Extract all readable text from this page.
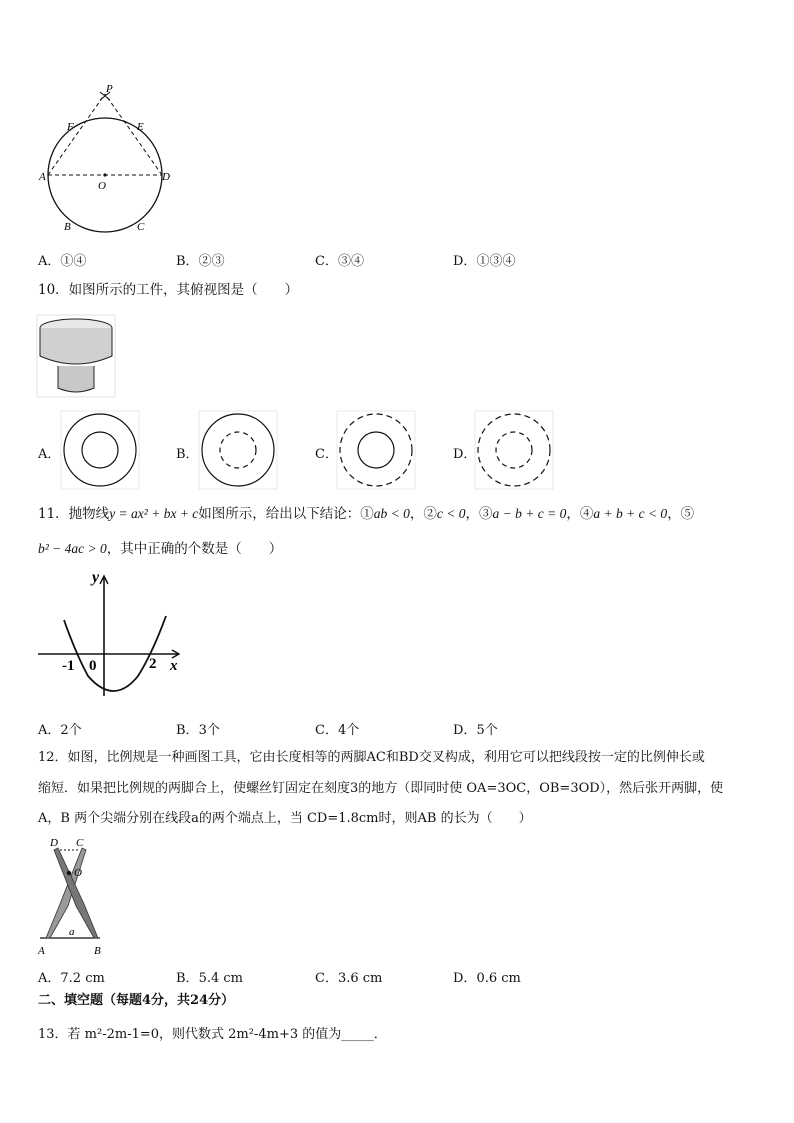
P
F	E
A	D
O
B	C
A．①④	B．②③	C．③④	D．①③④
10．如图所示的工件，其俯视图是（　　）
A．	B．	C．	D．
11．抛物线y = ax² + bx + c如图所示，给出以下结论：①ab < 0，②c < 0，③a − b + c = 0，④a + b + c < 0，⑤
b² − 4ac > 0，其中正确的个数是（　　）
y
x
-1 0	2
A．2个	B．3个	C．4个	D．5个
12．如图，比例规是一种画图工具，它由长度相等的两脚AC和BD交叉构成，利用它可以把线段按一定的比例伸长或
缩短．如果把比例规的两脚合上，使螺丝钉固定在刻度3的地方（即同时使 OA=3OC，OB=3OD），然后张开两脚，使
A，B 两个尖端分别在线段a的两个端点上，当 CD=1.8cm时，则AB 的长为（　　）
D C
O
A	B
a
A．7.2 cm	B．5.4 cm	C．3.6 cm	D．0.6 cm
二、填空题（每题4分，共24分）
13．若 m²-2m-1=0，则代数式 2m²-4m+3 的值为_____．
